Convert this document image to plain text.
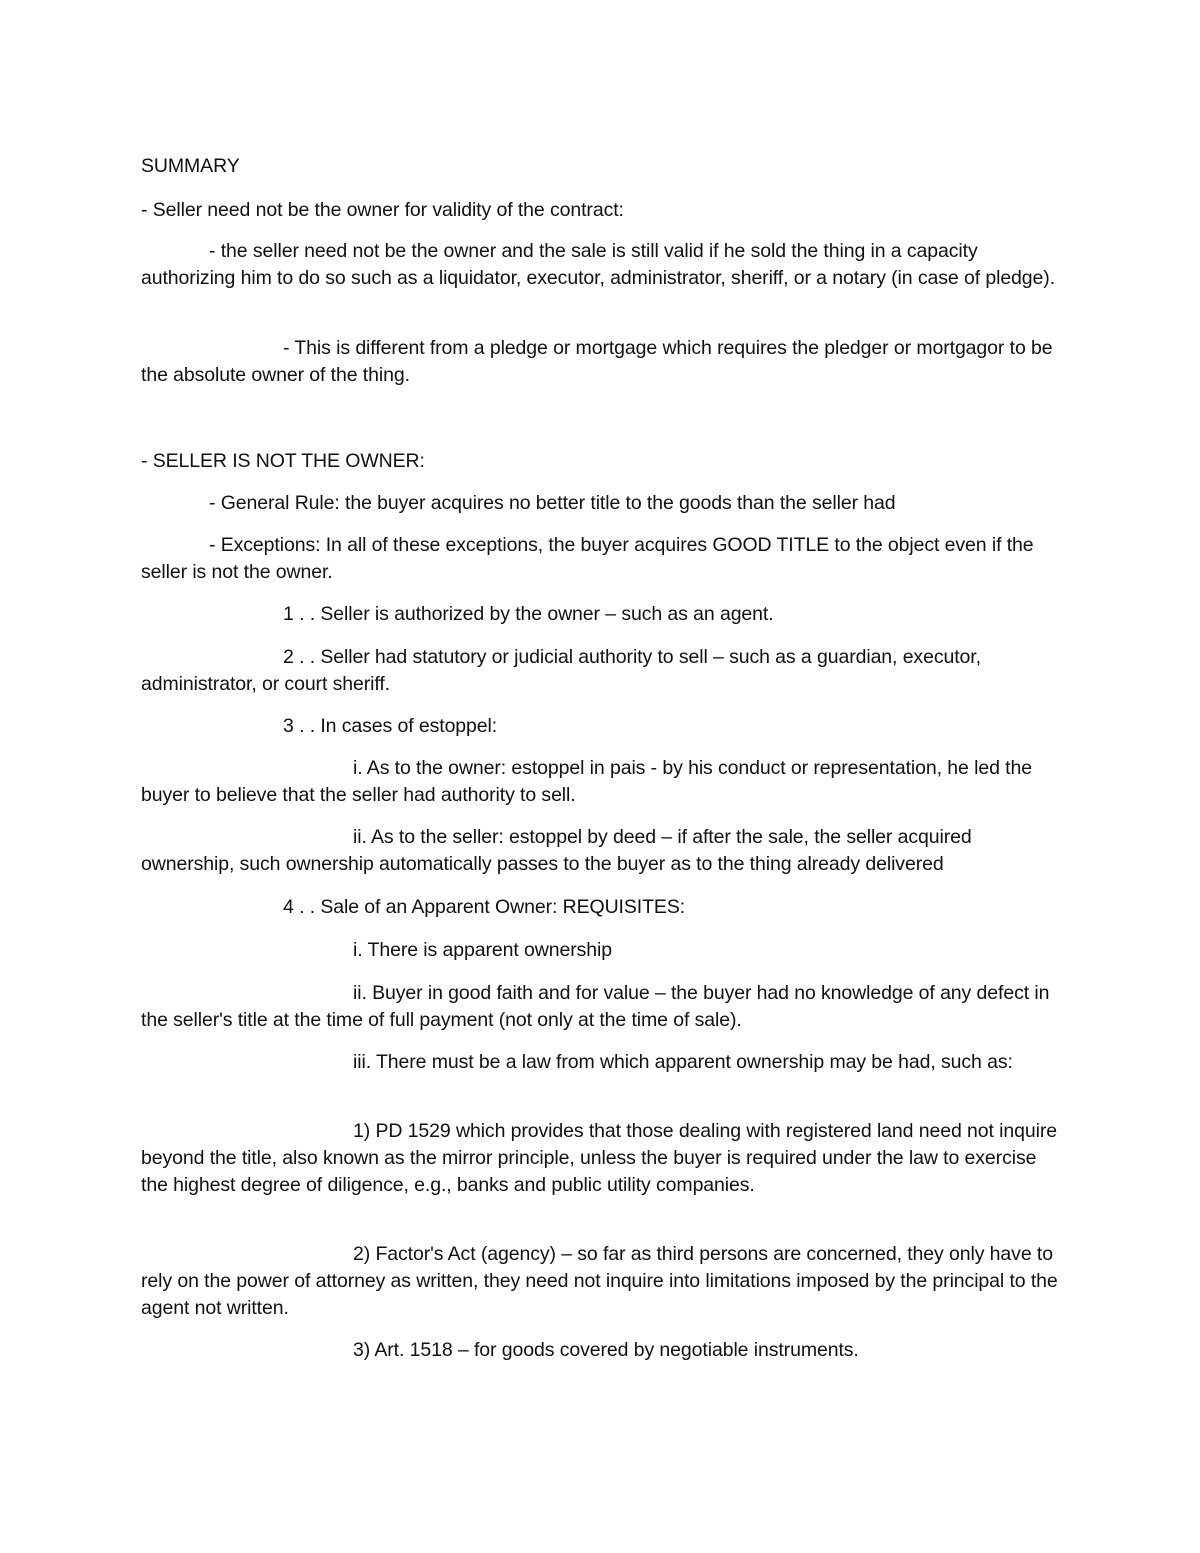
SUMMARY

- Seller need not be the owner for validity of the contract:

- the seller need not be the owner and the sale is still valid if he sold the thing in a capacity authorizing him to do so such as a liquidator, executor, administrator, sheriff, or a notary (in case of pledge).

- This is different from a pledge or mortgage which requires the pledger or mortgagor to be the absolute owner of the thing.

- SELLER IS NOT THE OWNER:

- General Rule: the buyer acquires no better title to the goods than the seller had

- Exceptions: In all of these exceptions, the buyer acquires GOOD TITLE to the object even if the seller is not the owner.

1 . . Seller is authorized by the owner – such as an agent.

2 . . Seller had statutory or judicial authority to sell – such as a guardian, executor, administrator, or court sheriff.

3 . . In cases of estoppel:

i. As to the owner: estoppel in pais - by his conduct or representation, he led the buyer to believe that the seller had authority to sell.

ii. As to the seller: estoppel by deed – if after the sale, the seller acquired ownership, such ownership automatically passes to the buyer as to the thing already delivered

4 . . Sale of an Apparent Owner: REQUISITES:

i. There is apparent ownership

ii. Buyer in good faith and for value – the buyer had no knowledge of any defect in the seller's title at the time of full payment (not only at the time of sale).

iii. There must be a law from which apparent ownership may be had, such as:

1) PD 1529 which provides that those dealing with registered land need not inquire beyond the title, also known as the mirror principle, unless the buyer is required under the law to exercise the highest degree of diligence, e.g., banks and public utility companies.

2) Factor's Act (agency) – so far as third persons are concerned, they only have to rely on the power of attorney as written, they need not inquire into limitations imposed by the principal to the agent not written.

3) Art. 1518 – for goods covered by negotiable instruments.
